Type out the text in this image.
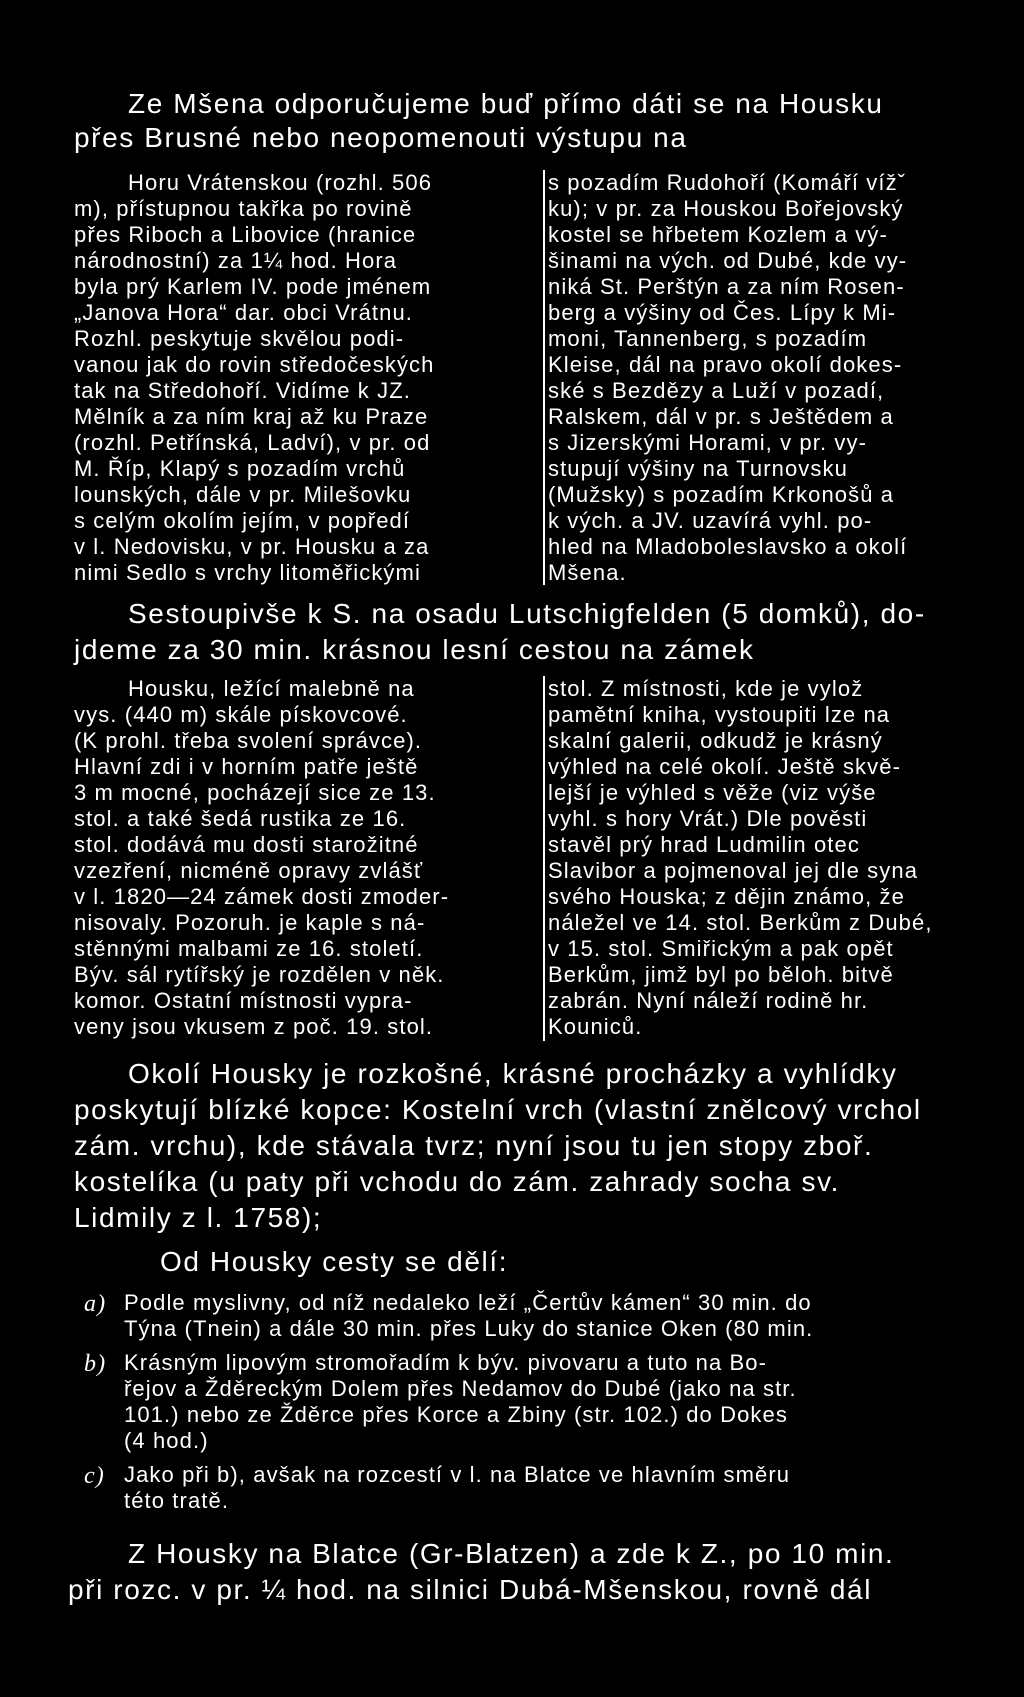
Ze Mšena odporučujeme buď přímo dáti se na Housku

přes Brusné nebo neopomenouti výstupu na

Horu Vrátenskou (rozhl. 506

m), přístupnou takřka po rovině

přes Riboch a Libovice (hranice

národnostní) za 1¼ hod. Hora

byla prý Karlem IV. pode jménem

„Janova Hora“ dar. obci Vrátnu.

Rozhl. peskytuje skvělou podi-

vanou jak do rovin středočeských

tak na Středohoří. Vidíme k JZ.

Mělník a za ním kraj až ku Praze

(rozhl. Petřínská, Ladví), v pr. od

M. Říp, Klapý s pozadím vrchů

lounských, dále v pr. Milešovku

s celým okolím jejím, v popředí

v l. Nedovisku, v pr. Housku a za

nimi Sedlo s vrchy litoměřickými

s pozadím Rudohoří (Komáří vížˇ

ku); v pr. za Houskou Bořejovský

kostel se hřbetem Kozlem a vý-

šinami na vých. od Dubé, kde vy-

niká St. Perštýn a za ním Rosen-

berg a výšiny od Čes. Lípy k Mi-

moni, Tannenberg, s pozadím

Kleise, dál na pravo okolí dokes-

ské s Bezdězy a Luží v pozadí,

Ralskem, dál v pr. s Ještědem a

s Jizerskými Horami, v pr. vy-

stupují výšiny na Turnovsku

(Mužsky) s pozadím Krkonošů a

k vých. a JV. uzavírá vyhl. po-

hled na Mladoboleslavsko a okolí

Mšena.

Sestoupivše k S. na osadu Lutschigfelden (5 domků), do-

jdeme za 30 min. krásnou lesní cestou na zámek

Housku, ležící malebně na

vys. (440 m) skále pískovcové.

(K prohl. třeba svolení správce).

Hlavní zdi i v horním patře ještě

3 m mocné, pocházejí sice ze 13.

stol. a také šedá rustika ze 16.

stol. dodává mu dosti starožitné

vzezření, nicméně opravy zvlášť

v l. 1820—24 zámek dosti zmoder-

nisovaly. Pozoruh. je kaple s ná-

stěnnými malbami ze 16. století.

Býv. sál rytířský je rozdělen v něk.

komor. Ostatní místnosti vypra-

veny jsou vkusem z poč. 19. stol.

stol. Z místnosti, kde je vylož

pamětní kniha, vystoupiti lze na

skalní galerii, odkudž je krásný

výhled na celé okolí. Ještě skvě-

lejší je výhled s věže (viz výše

vyhl. s hory Vrát.) Dle pověsti

stavěl prý hrad Ludmilin otec

Slavibor a pojmenoval jej dle syna

svého Houska; z dějin známo, že

náležel ve 14. stol. Berkům z Dubé,

v 15. stol. Smiřickým a pak opět

Berkům, jimž byl po běloh. bitvě

zabrán. Nyní náleží rodině hr.

Kouniců.

Okolí Housky je rozkošné, krásné procházky a vyhlídky

poskytují blízké kopce: Kostelní vrch (vlastní znělcový vrchol

zám. vrchu), kde stávala tvrz; nyní jsou tu jen stopy zboř.

kostelíka (u paty při vchodu do zám. zahrady socha sv.

Lidmily z l. 1758);

Od Housky cesty se dělí:

a) Podle myslivny, od níž nedaleko leží „Čertův kámen“ 30 min. do

Týna (Tnein) a dále 30 min. přes Luky do stanice Oken (80 min.

b) Krásným lipovým stromořadím k býv. pivovaru a tuto na Bo-

řejov a Žděreckým Dolem přes Nedamov do Dubé (jako na str.

101.) nebo ze Žděrce přes Korce a Zbiny (str. 102.) do Dokes

(4 hod.)

c) Jako při b), avšak na rozcestí v l. na Blatce ve hlavním směru

této tratě.

Z Housky na Blatce (Gr-Blatzen) a zde k Z., po 10 min.

při rozc. v pr. ¼ hod. na silnici Dubá-Mšenskou, rovně dál
